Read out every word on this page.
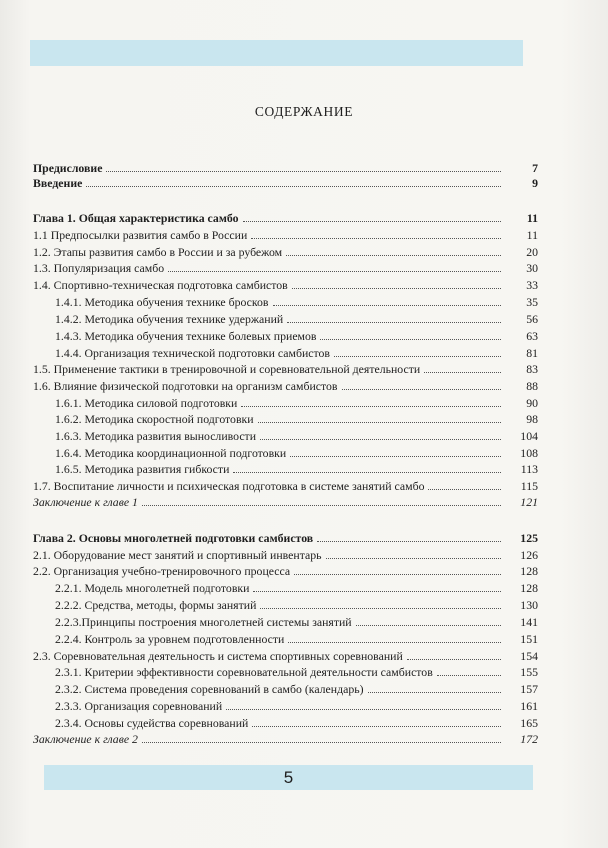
СОДЕРЖАНИЕ
Предисловие	7
Введение	9
Глава 1. Общая характеристика самбо	11
1.1 Предпосылки развития самбо в России	11
1.2. Этапы развития самбо в России и за рубежом	20
1.3. Популяризация самбо	30
1.4. Спортивно-техническая подготовка самбистов	33
1.4.1. Методика обучения технике бросков	35
1.4.2. Методика обучения технике удержаний	56
1.4.3. Методика обучения технике болевых приемов	63
1.4.4. Организация технической подготовки самбистов	81
1.5. Применение тактики в тренировочной и соревновательной деятельности	83
1.6. Влияние физической подготовки на организм самбистов	88
1.6.1. Методика силовой подготовки	90
1.6.2. Методика скоростной подготовки	98
1.6.3. Методика развития выносливости	104
1.6.4. Методика координационной подготовки	108
1.6.5. Методика развития гибкости	113
1.7. Воспитание личности и психическая подготовка в системе занятий самбо	115
Заключение к главе 1	121
Глава 2. Основы многолетней подготовки самбистов	125
2.1. Оборудование мест занятий и спортивный инвентарь	126
2.2. Организация учебно-тренировочного процесса	128
2.2.1. Модель многолетней подготовки	128
2.2.2. Средства, методы, формы занятий	130
2.2.3.Принципы построения многолетней системы занятий	141
2.2.4. Контроль за уровнем подготовленности	151
2.3. Соревновательная деятельность и система спортивных соревнований	154
2.3.1. Критерии эффективности соревновательной деятельности самбистов	155
2.3.2. Система проведения соревнований в самбо (календарь)	157
2.3.3. Организация соревнований	161
2.3.4. Основы судейства соревнований	165
Заключение к главе 2	172
5
